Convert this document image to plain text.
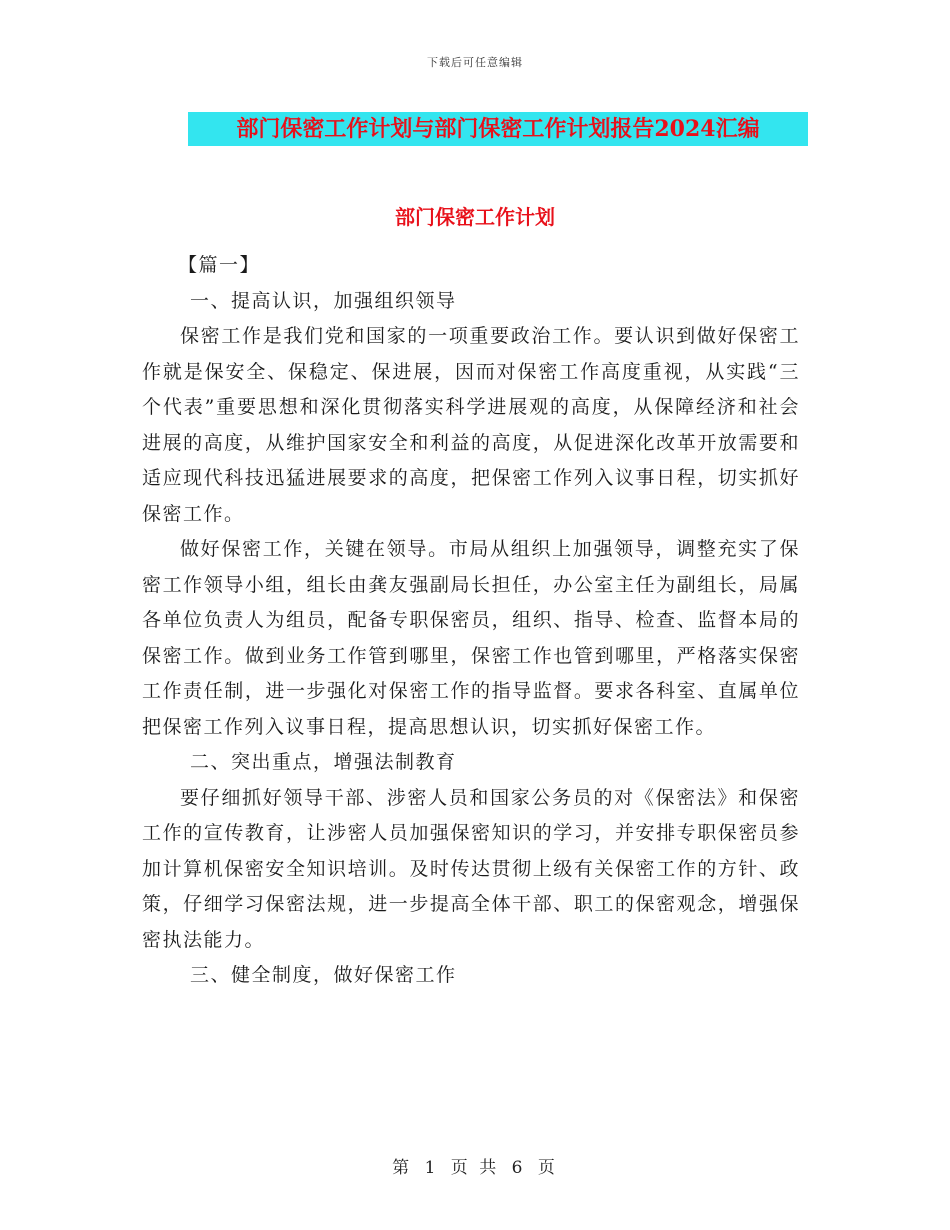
下载后可任意编辑
部门保密工作计划与部门保密工作计划报告2024汇编
部门保密工作计划

【篇一】

一、提高认识，加强组织领导

保密工作是我们党和国家的一项重要政治工作。要认识到做好保密工作就是保安全、保稳定、保进展，因而对保密工作高度重视，从实践“三个代表”重要思想和深化贯彻落实科学进展观的高度，从保障经济和社会进展的高度，从维护国家安全和利益的高度，从促进深化改革开放需要和适应现代科技迅猛进展要求的高度，把保密工作列入议事日程，切实抓好保密工作。

做好保密工作，关键在领导。市局从组织上加强领导，调整充实了保密工作领导小组，组长由龚友强副局长担任，办公室主任为副组长，局属各单位负责人为组员，配备专职保密员，组织、指导、检查、监督本局的保密工作。做到业务工作管到哪里，保密工作也管到哪里，严格落实保密工作责任制，进一步强化对保密工作的指导监督。要求各科室、直属单位把保密工作列入议事日程，提高思想认识，切实抓好保密工作。

二、突出重点，增强法制教育

要仔细抓好领导干部、涉密人员和国家公务员的对《保密法》和保密工作的宣传教育，让涉密人员加强保密知识的学习，并安排专职保密员参加计算机保密安全知识培训。及时传达贯彻上级有关保密工作的方针、政策，仔细学习保密法规，进一步提高全体干部、职工的保密观念，增强保密执法能力。

三、健全制度，做好保密工作

第 1 页 共 6 页
